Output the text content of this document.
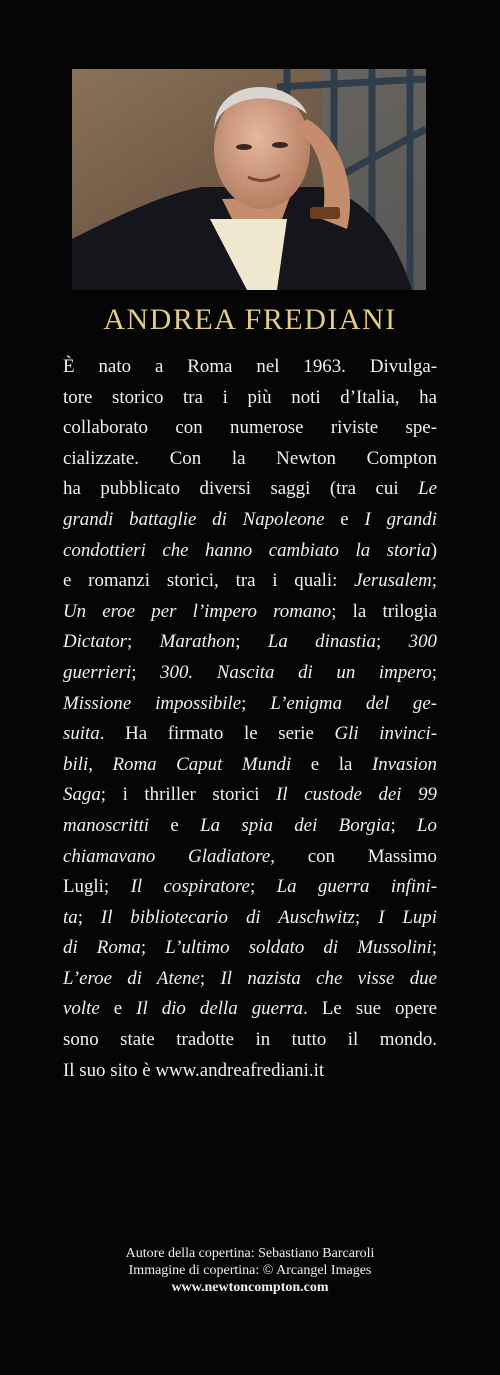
ANDREA FREDIANI
È nato a Roma nel 1963. Divulga-
tore storico tra i più noti d’Italia, ha
collaborato con numerose riviste spe-
cializzate. Con la Newton Compton
ha pubblicato diversi saggi (tra cui Le
grandi battaglie di Napoleone e I grandi
condottieri che hanno cambiato la storia)
e romanzi storici, tra i quali: Jerusalem;
Un eroe per l’impero romano; la trilogia
Dictator; Marathon; La dinastia; 300
guerrieri; 300. Nascita di un impero;
Missione impossibile; L’enigma del ge-
suita. Ha firmato le serie Gli invinci-
bili, Roma Caput Mundi e la Invasion
Saga; i thriller storici Il custode dei 99
manoscritti e La spia dei Borgia; Lo
chiamavano Gladiatore, con Massimo
Lugli; Il cospiratore; La guerra infini-
ta; Il bibliotecario di Auschwitz; I Lupi
di Roma; L’ultimo soldato di Mussolini;
L’eroe di Atene; Il nazista che visse due
volte e Il dio della guerra. Le sue opere
sono state tradotte in tutto il mondo.
Il suo sito è www.andreafrediani.it
Autore della copertina: Sebastiano Barcaroli
Immagine di copertina: © Arcangel Images
www.newtoncompton.com
